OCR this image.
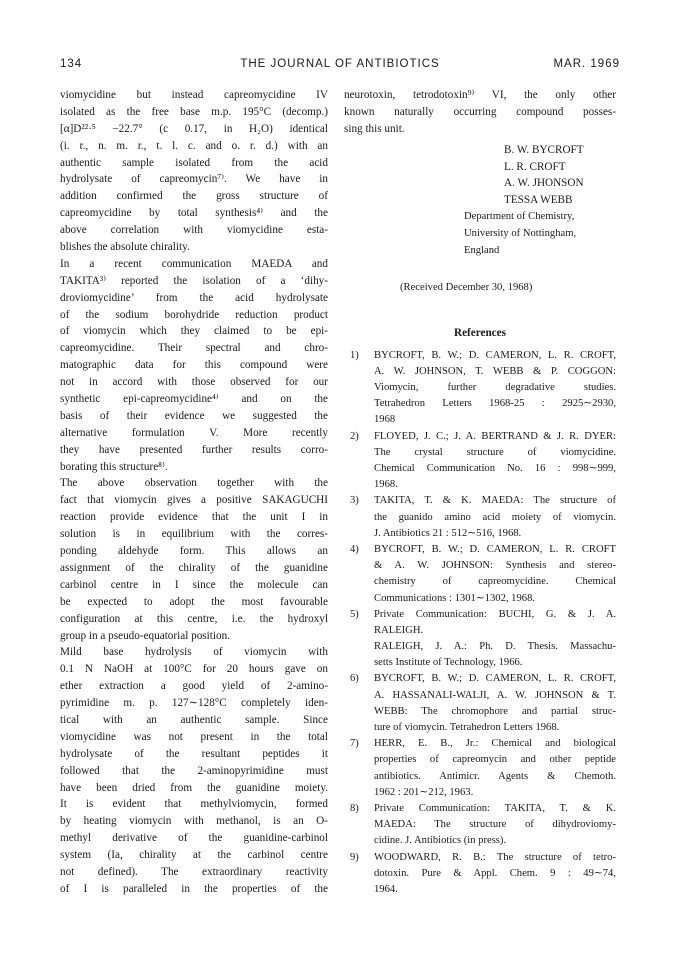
134	THE JOURNAL OF ANTIBIOTICS	MAR. 1969
viomycidine but instead capreomycidine IV
isolated as the free base m.p. 195°C (decomp.)
[α]D²²·⁵ −22.7° (c 0.17, in H₂O) identical
(i. r., n. m. r., t. l. c. and o. r. d.) with an
authentic sample isolated from the acid
hydrolysate of capreomycin⁷⁾. We have in
addition confirmed the gross structure of
capreomycidine by total synthesis⁴⁾ and the
above correlation with viomycidine esta-
blishes the absolute chirality.
In a recent communication MAEDA and
TAKITA³⁾ reported the isolation of a ‘dihy-
droviomycidine’ from the acid hydrolysate
of the sodium borohydride reduction product
of viomycin which they claimed to be epi-
capreomycidine. Their spectral and chro-
matographic data for this compound were
not in accord with those observed for our
synthetic epi-capreomycidine⁴⁾ and on the
basis of their evidence we suggested the
alternative formulation V. More recently
they have presented further results corro-
borating this structure⁸⁾.
The above observation together with the
fact that viomycin gives a positive SAKAGUCHI
reaction provide evidence that the unit I in
solution is in equilibrium with the corres-
ponding aldehyde form. This allows an
assignment of the chirality of the guanidine
carbinol centre in I since the molecule can
be expected to adopt the most favourable
configuration at this centre, i.e. the hydroxyl
group in a pseudo-equatorial position.
Mild base hydrolysis of viomycin with
0.1 N NaOH at 100°C for 20 hours gave on
ether extraction a good yield of 2-amino-
pyrimidine m. p. 127∼128°C completely iden-
tical with an authentic sample. Since
viomycidine was not present in the total
hydrolysate of the resultant peptides it
followed that the 2-aminopyrimidine must
have been dried from the guanidine moiety.
It is evident that methylviomycin, formed
by heating viomycin with methanol, is an O-
methyl derivative of the guanidine-carbinol
system (Ia, chirality at the carbinol centre
not defined). The extraordinary reactivity
of I is paralleled in the properties of the
neurotoxin, tetrodotoxin⁹⁾ VI, the only other
known naturally occurring compound posses-
sing this unit.
B. W. BYCROFT
L. R. CROFT
A. W. JHONSON
TESSA WEBB
Department of Chemistry,
University of Nottingham,
England
(Received December 30, 1968)
References
1)	BYCROFT, B. W.; D. CAMERON, L. R. CROFT,
A. W. JOHNSON, T. WEBB & P. COGGON:
Viomycin, further degradative studies.
Tetrahedron Letters 1968-25 : 2925∼2930,
1968
2)	FLOYED, J. C.; J. A. BERTRAND & J. R. DYER:
The crystal structure of viomycidine.
Chemical Communication No. 16 : 998∼999,
1968.
3)	TAKITA, T. & K. MAEDA: The structure of
the guanido amino acid moiety of viomycin.
J. Antibiotics 21 : 512∼516, 1968.
4)	BYCROFT, B. W.; D. CAMERON, L. R. CROFT
& A. W. JOHNSON: Synthesis and stereo-
chemistry of capreomycidine. Chemical
Communications : 1301∼1302, 1968.
5)	Private Communication: BUCHI, G. & J. A.
RALEIGH.
RALEIGH, J. A.: Ph. D. Thesis. Massachu-
setts Institute of Technology, 1966.
6)	BYCROFT, B. W.; D. CAMERON, L. R. CROFT,
A. HASSANALI-WALJI, A. W. JOHNSON & T.
WEBB: The chromophore and partial struc-
ture of viomycin. Tetrahedron Letters 1968.
7)	HERR, E. B., Jr.: Chemical and biological
properties of capreomycin and other peptide
antibiotics. Antimicr. Agents & Chemoth.
1962 : 201∼212, 1963.
8)	Private Communication: TAKITA, T. & K.
MAEDA: The structure of dihydroviomy-
cidine. J. Antibiotics (in press).
9)	WOODWARD, R. B.: The structure of tetro-
dotoxin. Pure & Appl. Chem. 9 : 49∼74,
1964.
